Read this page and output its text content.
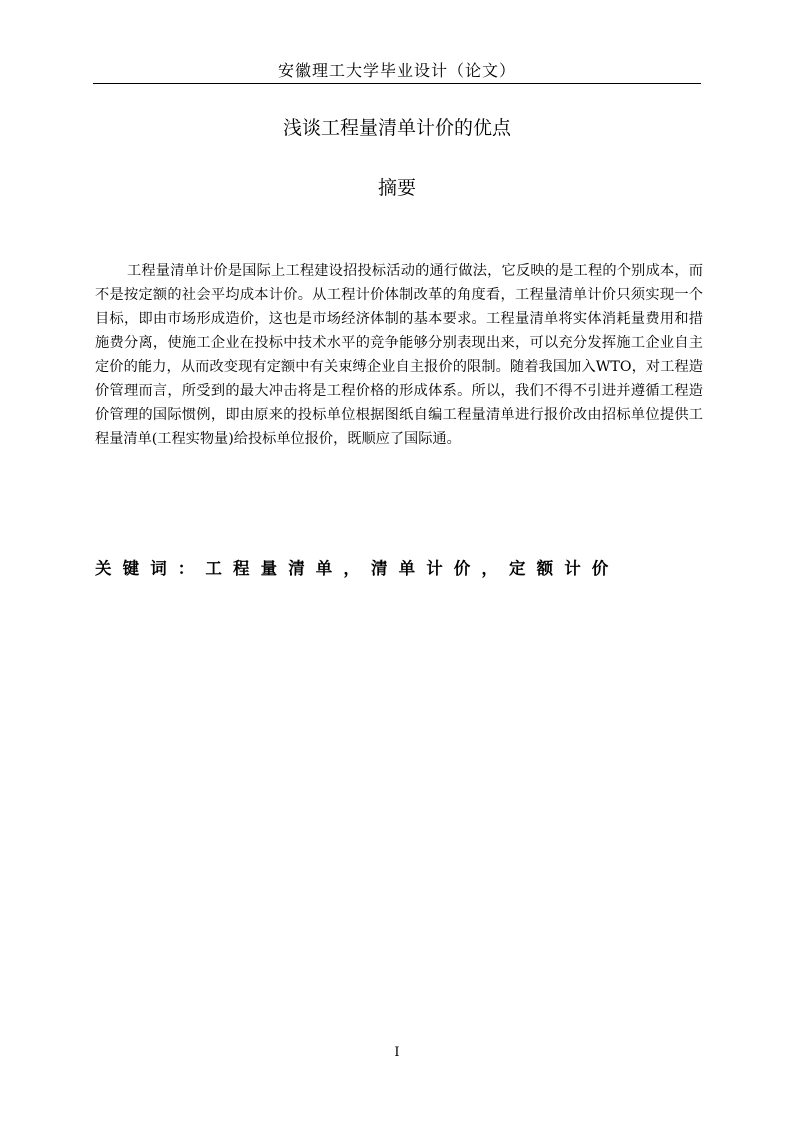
安徽理工大学毕业设计（论文）
浅谈工程量清单计价的优点
摘要
工程量清单计价是国际上工程建设招投标活动的通行做法，它反映的是工程的个别成本，而不是按定额的社会平均成本计价。从工程计价体制改革的角度看，工程量清单计价只须实现一个目标，即由市场形成造价，这也是市场经济体制的基本要求。工程量清单将实体消耗量费用和措施费分离，使施工企业在投标中技术水平的竞争能够分别表现出来，可以充分发挥施工企业自主定价的能力，从而改变现有定额中有关束缚企业自主报价的限制。随着我国加入WTO，对工程造价管理而言，所受到的最大冲击将是工程价格的形成体系。所以，我们不得不引进并遵循工程造价管理的国际惯例，即由原来的投标单位根据图纸自编工程量清单进行报价改由招标单位提供工程量清单(工程实物量)给投标单位报价，既顺应了国际通。
关键词：工程量清单，清单计价，定额计价
I
